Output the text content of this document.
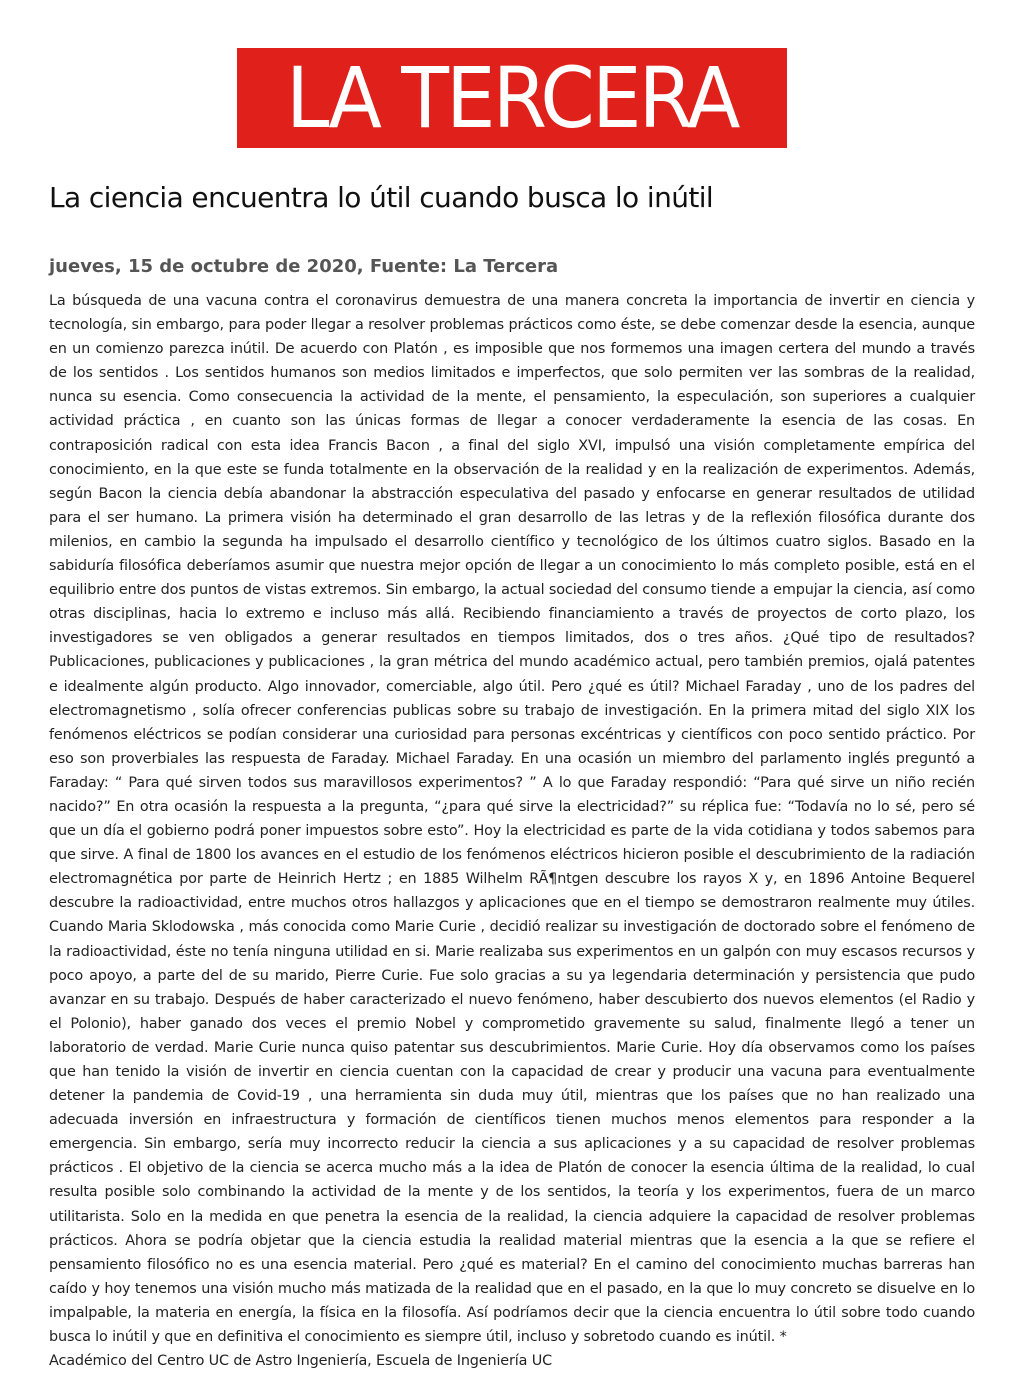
LA TERCERA
La ciencia encuentra lo útil cuando busca lo inútil
jueves, 15 de octubre de 2020, Fuente: La Tercera

La búsqueda de una vacuna contra el coronavirus demuestra de una manera concreta la importancia de invertir en ciencia y tecnología, sin embargo, para poder llegar a resolver problemas prácticos como éste, se debe comenzar desde la esencia, aunque en un comienzo parezca inútil. De acuerdo con Platón , es imposible que nos formemos una imagen certera del mundo a través de los sentidos . Los sentidos humanos son medios limitados e imperfectos, que solo permiten ver las sombras de la realidad, nunca su esencia. Como consecuencia la actividad de la mente, el pensamiento, la especulación, son superiores a cualquier actividad práctica , en cuanto son las únicas formas de llegar a conocer verdaderamente la esencia de las cosas. En contraposición radical con esta idea Francis Bacon , a final del siglo XVI, impulsó una visión completamente empírica del conocimiento, en la que este se funda totalmente en la observación de la realidad y en la realización de experimentos. Además, según Bacon la ciencia debía abandonar la abstracción especulativa del pasado y enfocarse en generar resultados de utilidad para el ser humano. La primera visión ha determinado el gran desarrollo de las letras y de la reflexión filosófica durante dos milenios, en cambio la segunda ha impulsado el desarrollo científico y tecnológico de los últimos cuatro siglos. Basado en la sabiduría filosófica deberíamos asumir que nuestra mejor opción de llegar a un conocimiento lo más completo posible, está en el equilibrio entre dos puntos de vistas extremos. Sin embargo, la actual sociedad del consumo tiende a empujar la ciencia, así como otras disciplinas, hacia lo extremo e incluso más allá. Recibiendo financiamiento a través de proyectos de corto plazo, los investigadores se ven obligados a generar resultados en tiempos limitados, dos o tres años. ¿Qué tipo de resultados? Publicaciones, publicaciones y publicaciones , la gran métrica del mundo académico actual, pero también premios, ojalá patentes e idealmente algún producto. Algo innovador, comerciable, algo útil. Pero ¿qué es útil? Michael Faraday , uno de los padres del electromagnetismo , solía ofrecer conferencias publicas sobre su trabajo de investigación. En la primera mitad del siglo XIX los fenómenos eléctricos se podían considerar una curiosidad para personas excéntricas y científicos con poco sentido práctico. Por eso son proverbiales las respuesta de Faraday. Michael Faraday. En una ocasión un miembro del parlamento inglés preguntó a Faraday: “ Para qué sirven todos sus maravillosos experimentos? ” A lo que Faraday respondió: “Para qué sirve un niño recién nacido?” En otra ocasión la respuesta a la pregunta, “¿para qué sirve la electricidad?” su réplica fue: “Todavía no lo sé, pero sé que un día el gobierno podrá poner impuestos sobre esto”. Hoy la electricidad es parte de la vida cotidiana y todos sabemos para que sirve. A final de 1800 los avances en el estudio de los fenómenos eléctricos hicieron posible el descubrimiento de la radiación electromagnética por parte de Heinrich Hertz ; en 1885 Wilhelm RÃ¶ntgen descubre los rayos X y, en 1896 Antoine Bequerel descubre la radioactividad, entre muchos otros hallazgos y aplicaciones que en el tiempo se demostraron realmente muy útiles. Cuando Maria Sklodowska , más conocida como Marie Curie , decidió realizar su investigación de doctorado sobre el fenómeno de la radioactividad, éste no tenía ninguna utilidad en si. Marie realizaba sus experimentos en un galpón con muy escasos recursos y poco apoyo, a parte del de su marido, Pierre Curie. Fue solo gracias a su ya legendaria determinación y persistencia que pudo avanzar en su trabajo. Después de haber caracterizado el nuevo fenómeno, haber descubierto dos nuevos elementos (el Radio y el Polonio), haber ganado dos veces el premio Nobel y comprometido gravemente su salud, finalmente llegó a tener un laboratorio de verdad. Marie Curie nunca quiso patentar sus descubrimientos. Marie Curie. Hoy día observamos como los países que han tenido la visión de invertir en ciencia cuentan con la capacidad de crear y producir una vacuna para eventualmente detener la pandemia de Covid-19 , una herramienta sin duda muy útil, mientras que los países que no han realizado una adecuada inversión en infraestructura y formación de científicos tienen muchos menos elementos para responder a la emergencia. Sin embargo, sería muy incorrecto reducir la ciencia a sus aplicaciones y a su capacidad de resolver problemas prácticos . El objetivo de la ciencia se acerca mucho más a la idea de Platón de conocer la esencia última de la realidad, lo cual resulta posible solo combinando la actividad de la mente y de los sentidos, la teoría y los experimentos, fuera de un marco utilitarista. Solo en la medida en que penetra la esencia de la realidad, la ciencia adquiere la capacidad de resolver problemas prácticos. Ahora se podría objetar que la ciencia estudia la realidad material mientras que la esencia a la que se refiere el pensamiento filosófico no es una esencia material. Pero ¿qué es material? En el camino del conocimiento muchas barreras han caído y hoy tenemos una visión mucho más matizada de la realidad que en el pasado, en la que lo muy concreto se disuelve en lo impalpable, la materia en energía, la física en la filosofía. Así podríamos decir que la ciencia encuentra lo útil sobre todo cuando busca lo inútil y que en definitiva el conocimiento es siempre útil, incluso y sobretodo cuando es inútil. *

Académico del Centro UC de Astro Ingeniería, Escuela de Ingeniería UC
